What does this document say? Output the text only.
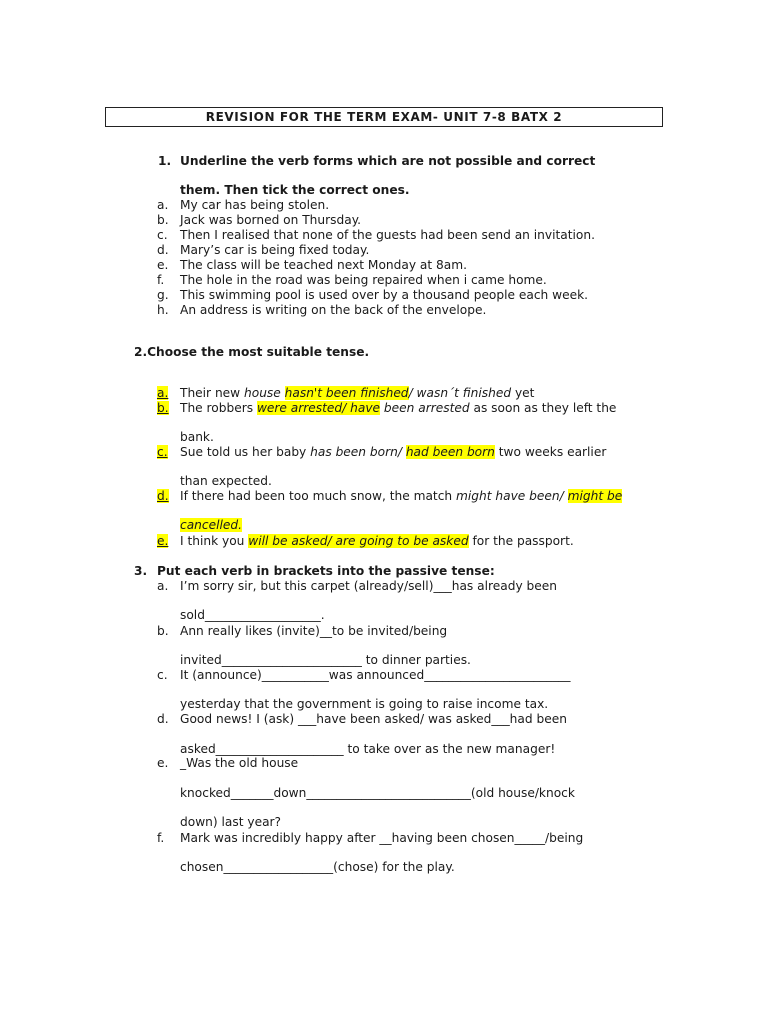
REVISION FOR THE TERM EXAM- UNIT 7-8 BATX 2
1. Underline the verb forms which are not possible and correct
them. Then tick the correct ones.
a. My car has being stolen.
b. Jack was borned on Thursday.
c. Then I realised that none of the guests had been send an invitation.
d. Mary’s car is being fixed today.
e. The class will be teached next Monday at 8am.
f. The hole in the road was being repaired when i came home.
g. This swimming pool is used over by a thousand people each week.
h. An address is writing on the back of the envelope.
2.Choose the most suitable tense.
a. Their new house hasn't been finished/ wasn´t finished yet
b. The robbers were arrested/ have been arrested as soon as they left the
bank.
c. Sue told us her baby has been born/ had been born two weeks earlier
than expected.
d. If there had been too much snow, the match might have been/ might be
cancelled.
e. I think you will be asked/ are going to be asked for the passport.
3. Put each verb in brackets into the passive tense:
a. I’m sorry sir, but this carpet (already/sell)___has already been
sold___________________.
b. Ann really likes (invite)__to be invited/being
invited_______________________ to dinner parties.
c. It (announce)___________was announced________________________
yesterday that the government is going to raise income tax.
d. Good news! I (ask) ___have been asked/ was asked___had been
asked_____________________ to take over as the new manager!
e. _Was the old house
knocked_______down___________________________(old house/knock
down) last year?
f. Mark was incredibly happy after __having been chosen_____/being
chosen__________________(chose) for the play.
